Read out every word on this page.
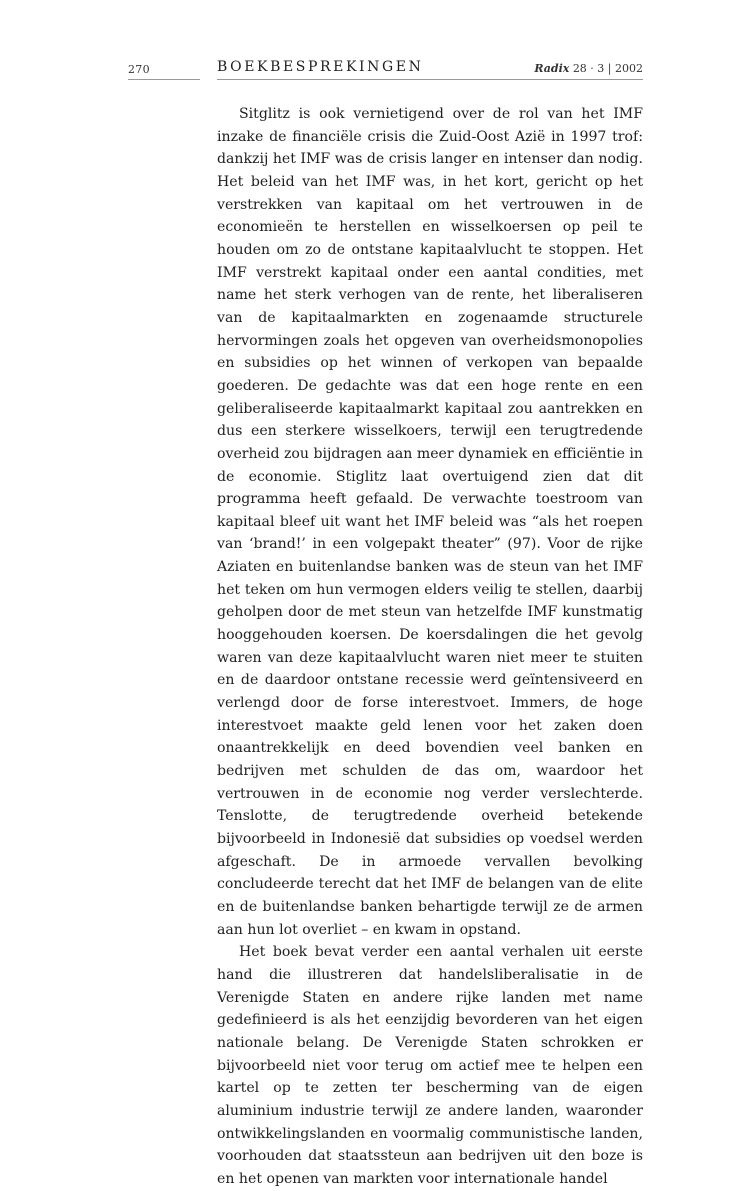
270	BOEKBESPREKINGEN	Radix 28 · 3 | 2002

Sitglitz is ook vernietigend over de rol van het IMF inzake de financiële crisis die Zuid-Oost Azië in 1997 trof: dankzij het IMF was de crisis langer en intenser dan nodig. Het beleid van het IMF was, in het kort, gericht op het verstrekken van kapitaal om het vertrouwen in de economieën te herstellen en wisselkoersen op peil te houden om zo de ontstane kapitaalvlucht te stoppen. Het IMF verstrekt kapitaal onder een aantal condities, met name het sterk verhogen van de rente, het liberaliseren van de kapitaalmarkten en zogenaamde structurele hervormingen zoals het opgeven van overheidsmonopolies en subsidies op het winnen of verkopen van bepaalde goederen. De gedachte was dat een hoge rente en een geliberaliseerde kapitaalmarkt kapitaal zou aantrekken en dus een sterkere wisselkoers, terwijl een terugtredende overheid zou bijdragen aan meer dynamiek en efficiëntie in de economie. Stiglitz laat overtuigend zien dat dit programma heeft gefaald. De verwachte toestroom van kapitaal bleef uit want het IMF beleid was “als het roepen van ‘brand!’ in een volgepakt theater” (97). Voor de rijke Aziaten en buitenlandse banken was de steun van het IMF het teken om hun vermogen elders veilig te stellen, daarbij geholpen door de met steun van hetzelfde IMF kunstmatig hooggehouden koersen. De koersdalingen die het gevolg waren van deze kapitaalvlucht waren niet meer te stuiten en de daardoor ontstane recessie werd geïntensiveerd en verlengd door de forse interestvoet. Immers, de hoge interestvoet maakte geld lenen voor het zaken doen onaantrekkelijk en deed bovendien veel banken en bedrijven met schulden de das om, waardoor het vertrouwen in de economie nog verder verslechterde. Tenslotte, de terugtredende overheid betekende bijvoorbeeld in Indonesië dat subsidies op voedsel werden afgeschaft. De in armoede vervallen bevolking concludeerde terecht dat het IMF de belangen van de elite en de buitenlandse banken behartigde terwijl ze de armen aan hun lot overliet – en kwam in opstand.

Het boek bevat verder een aantal verhalen uit eerste hand die illustreren dat handelsliberalisatie in de Verenigde Staten en andere rijke landen met name gedefinieerd is als het eenzijdig bevorderen van het eigen nationale belang. De Verenigde Staten schrokken er bijvoorbeeld niet voor terug om actief mee te helpen een kartel op te zetten ter bescherming van de eigen aluminium industrie terwijl ze andere landen, waaronder ontwikkelingslanden en voormalig communistische landen, voorhouden dat staatssteun aan bedrijven uit den boze is en het openen van markten voor internationale handel
